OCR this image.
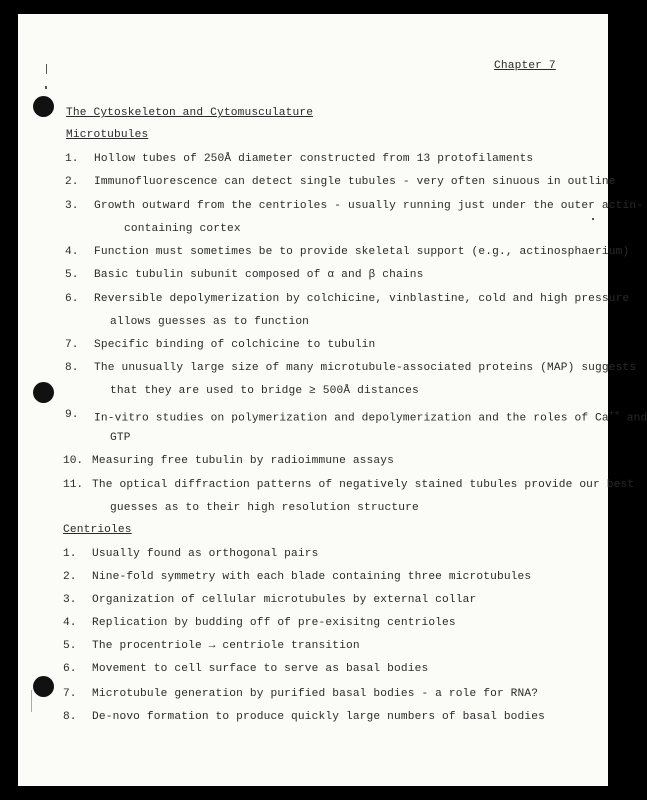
Chapter 7
The Cytoskeleton and Cytomusculature
Microtubules
1. Hollow tubes of 250Å diameter constructed from 13 protofilaments
2. Immunofluorescence can detect single tubules - very often sinuous in outline
3. Growth outward from the centrioles - usually running just under the outer actin-
containing cortex
4. Function must sometimes be to provide skeletal support (e.g., actinosphaerium)
5. Basic tubulin subunit composed of α and β chains
6. Reversible depolymerization by colchicine, vinblastine, cold and high pressure
allows guesses as to function
7. Specific binding of colchicine to tubulin
8. The unusually large size of many microtubule-associated proteins (MAP) suggests
that they are used to bridge ≥ 500Å distances
9. In-vitro studies on polymerization and depolymerization and the roles of Ca++ and
GTP
10. Measuring free tubulin by radioimmune assays
11. The optical diffraction patterns of negatively stained tubules provide our best
guesses as to their high resolution structure
Centrioles
1. Usually found as orthogonal pairs
2. Nine-fold symmetry with each blade containing three microtubules
3. Organization of cellular microtubules by external collar
4. Replication by budding off of pre-exisitng centrioles
5. The procentriole → centriole transition
6. Movement to cell surface to serve as basal bodies
7. Microtubule generation by purified basal bodies - a role for RNA?
8. De-novo formation to produce quickly large numbers of basal bodies
